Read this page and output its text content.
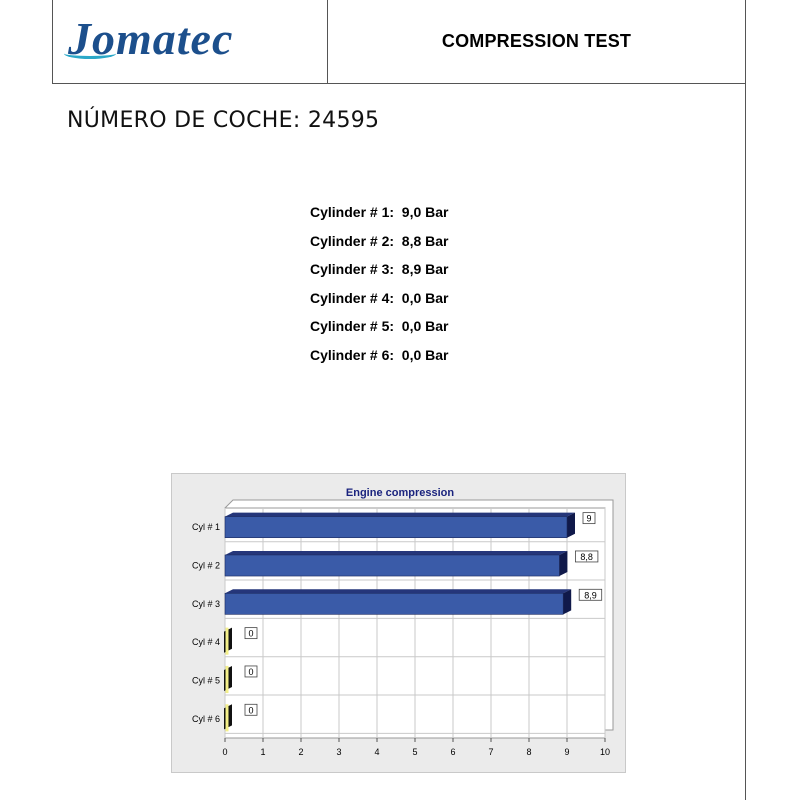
Jomatec	COMPRESSION TEST
NÚMERO DE COCHE: 24595
Cylinder # 1:  9,0 Bar
Cylinder # 2:  8,8 Bar
Cylinder # 3:  8,9 Bar
Cylinder # 4:  0,0 Bar
Cylinder # 5:  0,0 Bar
Cylinder # 6:  0,0 Bar
Engine compression
0	1	2	3	4	5	6	7	8	9	10
Cyl # 1
9
Cyl # 2
8,8
Cyl # 3
8,9
Cyl # 4
0
Cyl # 5
0
Cyl # 6
0
